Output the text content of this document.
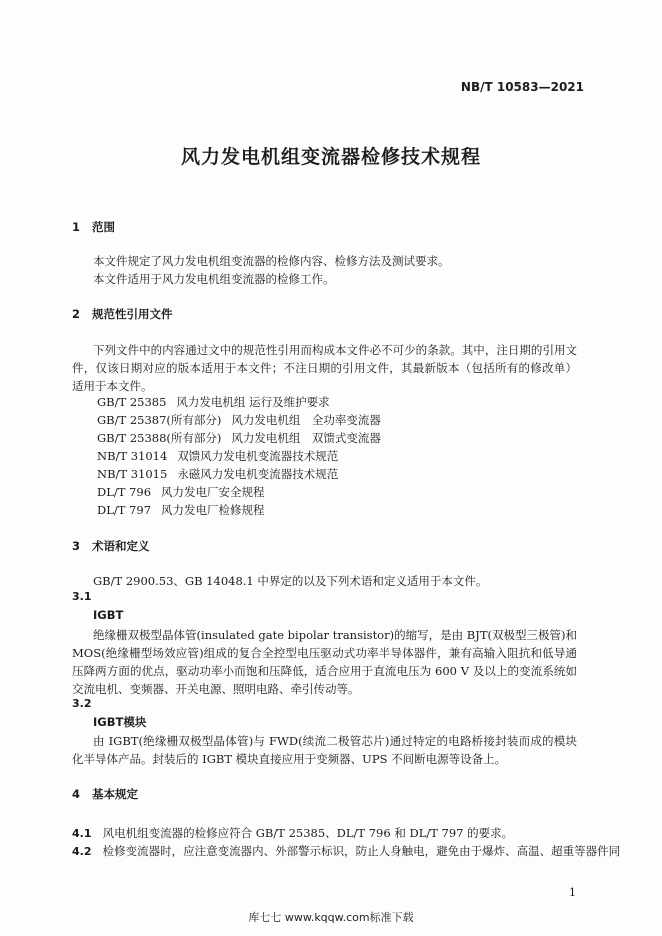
NB/T 10583—2021
风力发电机组变流器检修技术规程
1 范围
本文件规定了风力发电机组变流器的检修内容、检修方法及测试要求。
本文件适用于风力发电机组变流器的检修工作。
2 规范性引用文件
下列文件中的内容通过文中的规范性引用而构成本文件必不可少的条款。其中，注日期的引用文件，仅该日期对应的版本适用于本文件；不注日期的引用文件，其最新版本（包括所有的修改单）适用于本文件。
GB/T 25385 风力发电机组 运行及维护要求
GB/T 25387(所有部分) 风力发电机组　全功率变流器
GB/T 25388(所有部分) 风力发电机组　双馈式变流器
NB/T 31014 双馈风力发电机变流器技术规范
NB/T 31015 永磁风力发电机变流器技术规范
DL/T 796 风力发电厂安全规程
DL/T 797 风力发电厂检修规程
3 术语和定义
GB/T 2900.53、GB 14048.1 中界定的以及下列术语和定义适用于本文件。
3.1
IGBT
绝缘栅双极型晶体管(insulated gate bipolar transistor)的缩写，是由 BJT(双极型三极管)和 MOS(绝缘栅型场效应管)组成的复合全控型电压驱动式功率半导体器件，兼有高输入阻抗和低导通压降两方面的优点，驱动功率小而饱和压降低，适合应用于直流电压为 600 V 及以上的变流系统如交流电机、变频器、开关电源、照明电路、牵引传动等。
3.2
IGBT模块
由 IGBT(绝缘栅双极型晶体管)与 FWD(续流二极管芯片)通过特定的电路桥接封装而成的模块化半导体产品。封装后的 IGBT 模块直接应用于变频器、UPS 不间断电源等设备上。
4 基本规定
4.1 风电机组变流器的检修应符合 GB/T 25385、DL/T 796 和 DL/T 797 的要求。
4.2 检修变流器时，应注意变流器内、外部警示标识，防止人身触电，避免由于爆炸、高温、超重等器件同
1
库七七 www.kqqw.com标准下载
